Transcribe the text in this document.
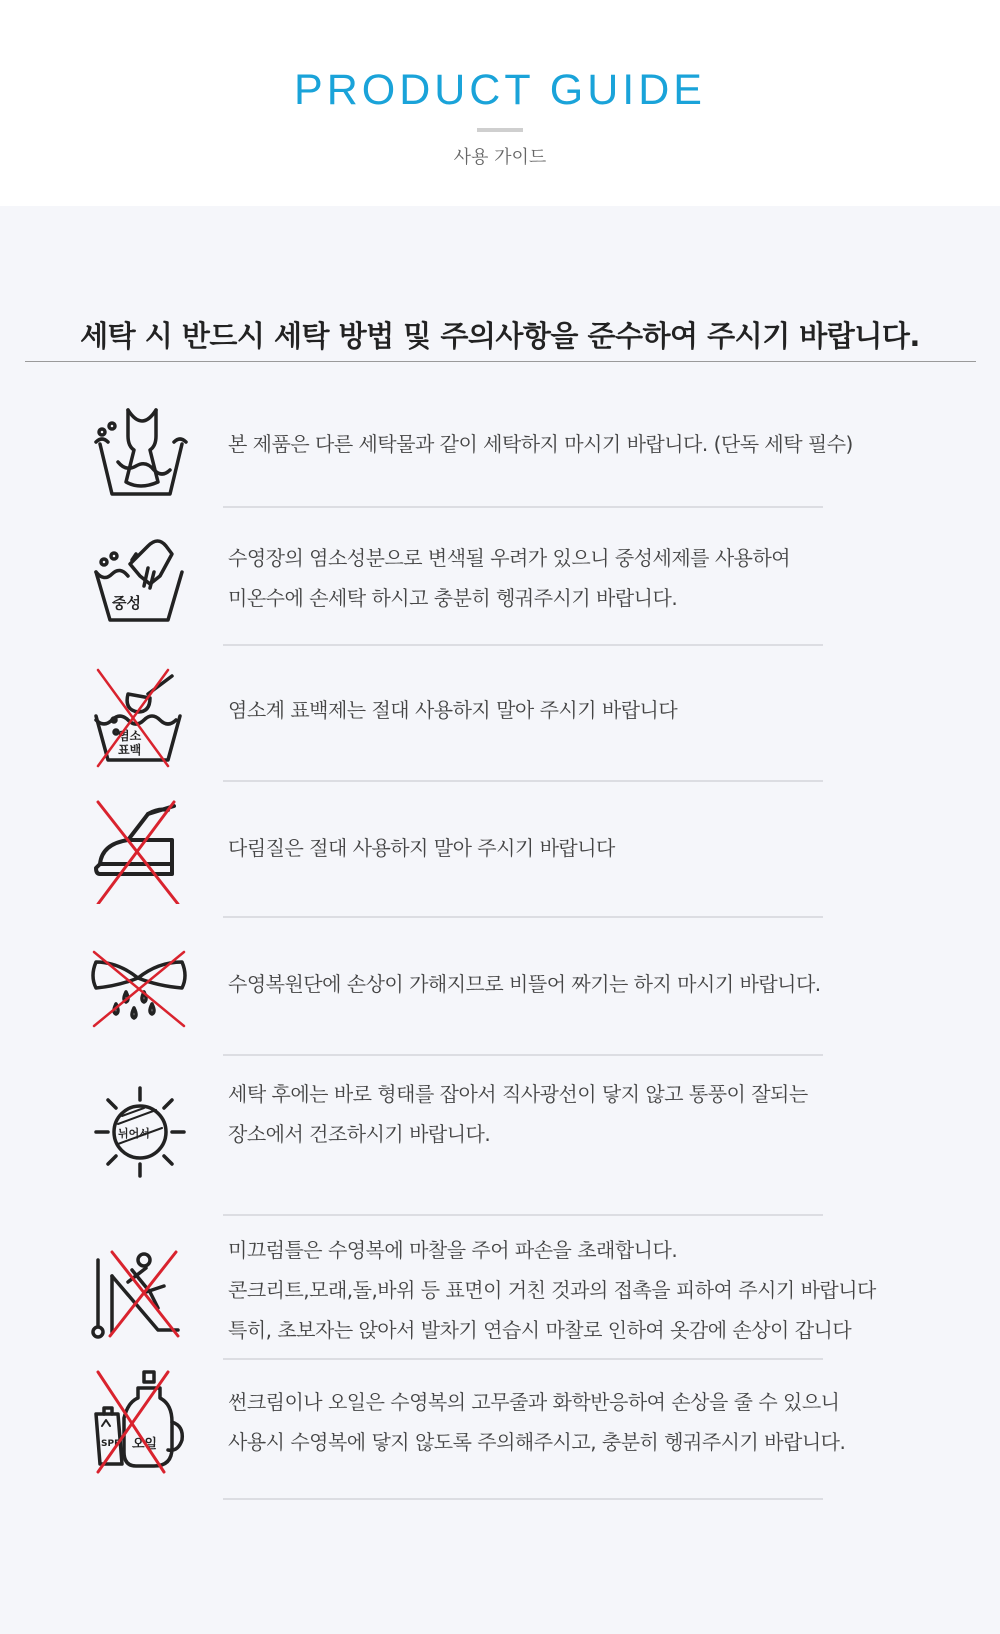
PRODUCT GUIDE
사용 가이드
세탁 시 반드시 세탁 방법 및 주의사항을 준수하여 주시기 바랍니다.
본 제품은 다른 세탁물과 같이 세탁하지 마시기 바랍니다. (단독 세탁 필수)
중성
수영장의 염소성분으로 변색될 우려가 있으니 중성세제를 사용하여
미온수에 손세탁 하시고 충분히 헹궈주시기 바랍니다.
염소
표백
염소계 표백제는 절대 사용하지 말아 주시기 바랍니다
다림질은 절대 사용하지 말아 주시기 바랍니다
수영복원단에 손상이 가해지므로 비뜰어 짜기는 하지 마시기 바랍니다.
뉘어서
세탁 후에는 바로 형태를 잡아서 직사광선이 닿지 않고 통풍이 잘되는
장소에서 건조하시기 바랍니다.
미끄럼틀은 수영복에 마찰을 주어 파손을 초래합니다.
콘크리트,모래,돌,바위 등 표면이 거친 것과의 접촉을 피하여 주시기 바랍니다
특히, 초보자는 앉아서 발차기 연습시 마찰로 인하여 옷감에 손상이 갑니다
SPF 오일
썬크림이나 오일은 수영복의 고무줄과 화학반응하여 손상을 줄 수 있으니
사용시 수영복에 닿지 않도록 주의해주시고, 충분히 헹궈주시기 바랍니다.
